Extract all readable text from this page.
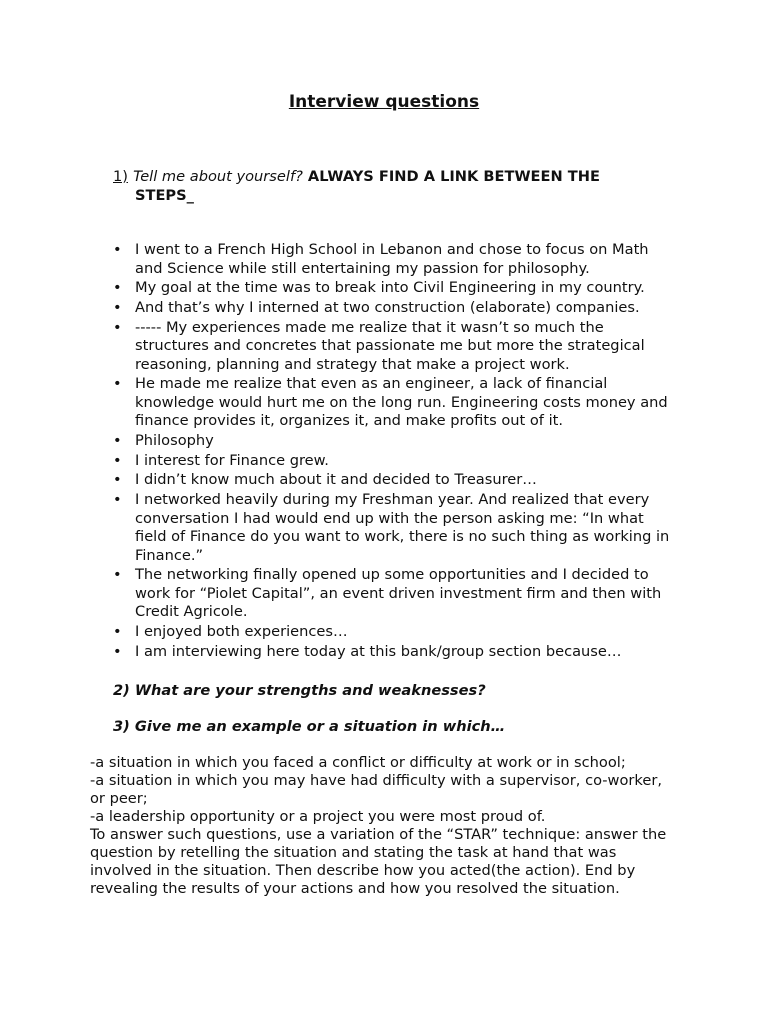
Interview questions
1) Tell me about yourself? ALWAYS FIND A LINK BETWEEN THE
STEPS_
• I went to a French High School in Lebanon and chose to focus on Math and Science while still entertaining my passion for philosophy.
• My goal at the time was to break into Civil Engineering in my country.
• And that’s why I interned at two construction (elaborate) companies.
• ----- My experiences made me realize that it wasn’t so much the structures and concretes that passionate me but more the strategical reasoning, planning and strategy that make a project work.
• He made me realize that even as an engineer, a lack of financial knowledge would hurt me on the long run. Engineering costs money and finance provides it, organizes it, and make profits out of it.
• Philosophy
• I interest for Finance grew.
• I didn’t know much about it and decided to Treasurer…
• I networked heavily during my Freshman year. And realized that every conversation I had would end up with the person asking me: “In what field of Finance do you want to work, there is no such thing as working in Finance.”
• The networking finally opened up some opportunities and I decided to work for “Piolet Capital”, an event driven investment firm and then with Credit Agricole.
• I enjoyed both experiences…
• I am interviewing here today at this bank/group section because…
2) What are your strengths and weaknesses?
3) Give me an example or a situation in which…

-a situation in which you faced a conflict or difficulty at work or in school;

-a situation in which you may have had difficulty with a supervisor, co-worker, or peer;

-a leadership opportunity or a project you were most proud of.

To answer such questions, use a variation of the “STAR” technique: answer the question by retelling the situation and stating the task at hand that was involved in the situation. Then describe how you acted(the action). End by revealing the results of your actions and how you resolved the situation.
